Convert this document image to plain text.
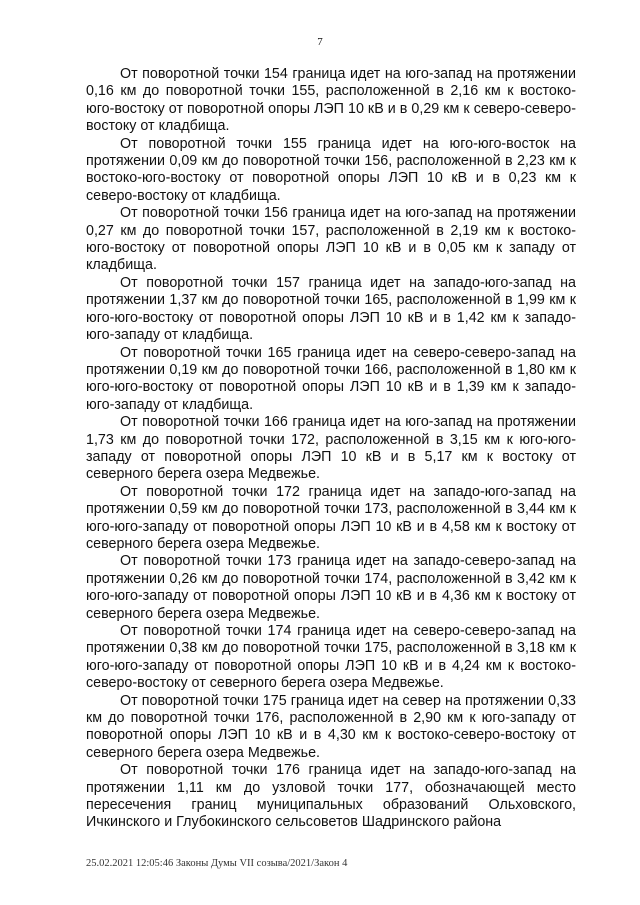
7

От поворотной точки 154 граница идет на юго-запад на протяжении 0,16 км до поворотной точки 155, расположенной в 2,16 км к востоко-юго-востоку от поворотной опоры ЛЭП 10 кВ и в 0,29 км к северо-северо-востоку от кладбища.

От поворотной точки 155 граница идет на юго-юго-восток на протяжении 0,09 км до поворотной точки 156, расположенной в 2,23 км к востоко-юго-востоку от поворотной опоры ЛЭП 10 кВ и в 0,23 км к северо-востоку от кладбища.

От поворотной точки 156 граница идет на юго-запад на протяжении 0,27 км до поворотной точки 157, расположенной в 2,19 км к востоко-юго-востоку от поворотной опоры ЛЭП 10 кВ и в 0,05 км к западу от кладбища.

От поворотной точки 157 граница идет на западо-юго-запад на протяжении 1,37 км до поворотной точки 165, расположенной в 1,99 км к юго-юго-востоку от поворотной опоры ЛЭП 10 кВ и в 1,42 км к западо-юго-западу от кладбища.

От поворотной точки 165 граница идет на северо-северо-запад на протяжении 0,19 км до поворотной точки 166, расположенной в 1,80 км к юго-юго-востоку от поворотной опоры ЛЭП 10 кВ и в 1,39 км к западо-юго-западу от кладбища.

От поворотной точки 166 граница идет на юго-запад на протяжении 1,73 км до поворотной точки 172, расположенной в 3,15 км к юго-юго-западу от поворотной опоры ЛЭП 10 кВ и в 5,17 км к востоку от северного берега озера Медвежье.

От поворотной точки 172 граница идет на западо-юго-запад на протяжении 0,59 км до поворотной точки 173, расположенной в 3,44 км к юго-юго-западу от поворотной опоры ЛЭП 10 кВ и в 4,58 км к востоку от северного берега озера Медвежье.

От поворотной точки 173 граница идет на западо-северо-запад на протяжении 0,26 км до поворотной точки 174, расположенной в 3,42 км к юго-юго-западу от поворотной опоры ЛЭП 10 кВ и в 4,36 км к востоку от северного берега озера Медвежье.

От поворотной точки 174 граница идет на северо-северо-запад на протяжении 0,38 км до поворотной точки 175, расположенной в 3,18 км к юго-юго-западу от поворотной опоры ЛЭП 10 кВ и в 4,24 км к востоко-северо-востоку от северного берега озера Медвежье.

От поворотной точки 175 граница идет на север на протяжении 0,33 км до поворотной точки 176, расположенной в 2,90 км к юго-западу от поворотной опоры ЛЭП 10 кВ и в 4,30 км к востоко-северо-востоку от северного берега озера Медвежье.

От поворотной точки 176 граница идет на западо-юго-запад на протяжении 1,11 км до узловой точки 177, обозначающей место пересечения границ муниципальных образований Ольховского, Ичкинского и Глубокинского сельсоветов Шадринского района

25.02.2021 12:05:46 Законы Думы VII созыва/2021/Закон 4
